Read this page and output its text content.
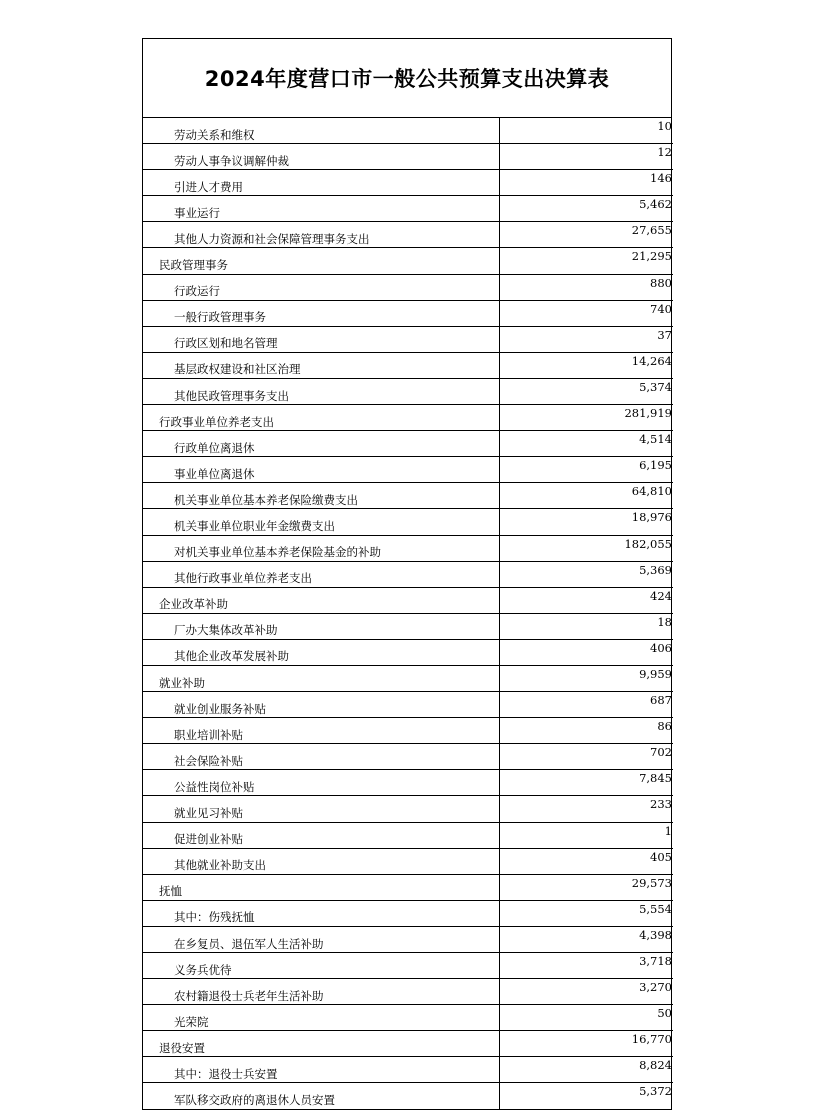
2024年度营口市一般公共预算支出决算表
劳动关系和维权	10
劳动人事争议调解仲裁	12
引进人才费用	146
事业运行	5,462
其他人力资源和社会保障管理事务支出	27,655
民政管理事务	21,295
行政运行	880
一般行政管理事务	740
行政区划和地名管理	37
基层政权建设和社区治理	14,264
其他民政管理事务支出	5,374
行政事业单位养老支出	281,919
行政单位离退休	4,514
事业单位离退休	6,195
机关事业单位基本养老保险缴费支出	64,810
机关事业单位职业年金缴费支出	18,976
对机关事业单位基本养老保险基金的补助	182,055
其他行政事业单位养老支出	5,369
企业改革补助	424
厂办大集体改革补助	18
其他企业改革发展补助	406
就业补助	9,959
就业创业服务补贴	687
职业培训补贴	86
社会保险补贴	702
公益性岗位补贴	7,845
就业见习补贴	233
促进创业补贴	1
其他就业补助支出	405
抚恤	29,573
其中：伤残抚恤	5,554
在乡复员、退伍军人生活补助	4,398
义务兵优待	3,718
农村籍退役士兵老年生活补助	3,270
光荣院	50
退役安置	16,770
其中：退役士兵安置	8,824
军队移交政府的离退休人员安置	5,372
